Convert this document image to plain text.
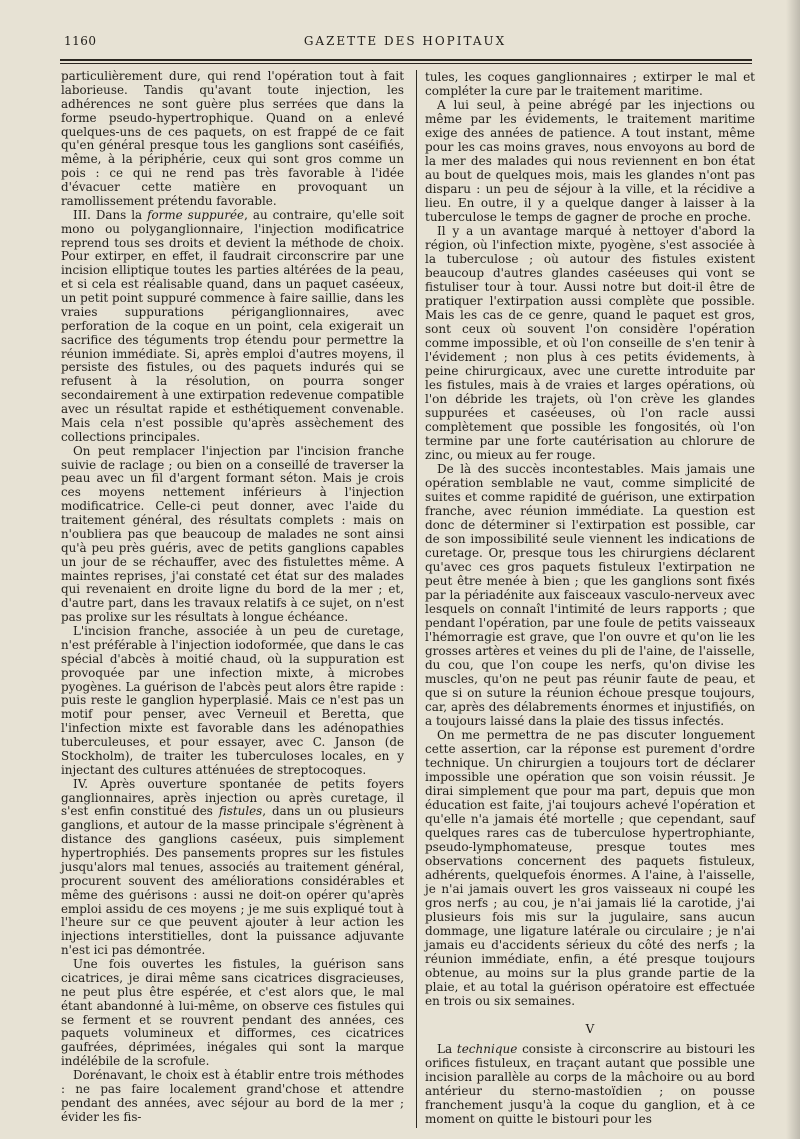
1160	GAZETTE DES HOPITAUX

particulièrement dure, qui rend l'opération tout à fait laborieuse. Tandis qu'avant toute injection, les adhérences ne sont guère plus serrées que dans la forme pseudo-hypertrophique. Quand on a enlevé quelques-uns de ces paquets, on est frappé de ce fait qu'en général presque tous les ganglions sont caséifiés, même, à la périphérie, ceux qui sont gros comme un pois : ce qui ne rend pas très favorable à l'idée d'évacuer cette matière en provoquant un ramollissement prétendu favorable.

III. Dans la forme suppurée, au contraire, qu'elle soit mono ou polyganglionnaire, l'injection modificatrice reprend tous ses droits et devient la méthode de choix. Pour extirper, en effet, il faudrait circonscrire par une incision elliptique toutes les parties altérées de la peau, et si cela est réalisable quand, dans un paquet caséeux, un petit point suppuré commence à faire saillie, dans les vraies suppurations périganglionnaires, avec perforation de la coque en un point, cela exigerait un sacrifice des téguments trop étendu pour permettre la réunion immédiate. Si, après emploi d'autres moyens, il persiste des fistules, ou des paquets indurés qui se refusent à la résolution, on pourra songer secondairement à une extirpation redevenue compatible avec un résultat rapide et esthétiquement convenable. Mais cela n'est possible qu'après assèchement des collections principales.

On peut remplacer l'injection par l'incision franche suivie de raclage ; ou bien on a conseillé de traverser la peau avec un fil d'argent formant séton. Mais je crois ces moyens nettement inférieurs à l'injection modificatrice. Celle-ci peut donner, avec l'aide du traitement général, des résultats complets : mais on n'oubliera pas que beaucoup de malades ne sont ainsi qu'à peu près guéris, avec de petits ganglions capables un jour de se réchauffer, avec des fistulettes même. A maintes reprises, j'ai constaté cet état sur des malades qui revenaient en droite ligne du bord de la mer ; et, d'autre part, dans les travaux relatifs à ce sujet, on n'est pas prolixe sur les résultats à longue échéance.

L'incision franche, associée à un peu de curetage, n'est préférable à l'injection iodoformée, que dans le cas spécial d'abcès à moitié chaud, où la suppuration est provoquée par une infection mixte, à microbes pyogènes. La guérison de l'abcès peut alors être rapide : puis reste le ganglion hyperplasié. Mais ce n'est pas un motif pour penser, avec Verneuil et Beretta, que l'infection mixte est favorable dans les adénopathies tuberculeuses, et pour essayer, avec C. Janson (de Stockholm), de traiter les tuberculoses locales, en y injectant des cultures atténuées de streptocoques.

IV. Après ouverture spontanée de petits foyers ganglionnaires, après injection ou après curetage, il s'est enfin constitué des fistules, dans un ou plusieurs ganglions, et autour de la masse principale s'égrènent à distance des ganglions caséeux, puis simplement hypertrophiés. Des pansements propres sur les fistules jusqu'alors mal tenues, associés au traitement général, procurent souvent des améliorations considérables et même des guérisons : aussi ne doit-on opérer qu'après emploi assidu de ces moyens ; je me suis expliqué tout à l'heure sur ce que peuvent ajouter à leur action les injections interstitielles, dont la puissance adjuvante n'est ici pas démontrée.

Une fois ouvertes les fistules, la guérison sans cicatrices, je dirai même sans cicatrices disgracieuses, ne peut plus être espérée, et c'est alors que, le mal étant abandonné à lui-même, on observe ces fistules qui se ferment et se rouvrent pendant des années, ces paquets volumineux et difformes, ces cicatrices gaufrées, déprimées, inégales qui sont la marque indélébile de la scrofule.

Dorénavant, le choix est à établir entre trois méthodes : ne pas faire localement grand'chose et attendre pendant des années, avec séjour au bord de la mer ; évider les fis-

tules, les coques ganglionnaires ; extirper le mal et compléter la cure par le traitement maritime.

A lui seul, à peine abrégé par les injections ou même par les évidements, le traitement maritime exige des années de patience. A tout instant, même pour les cas moins graves, nous envoyons au bord de la mer des malades qui nous reviennent en bon état au bout de quelques mois, mais les glandes n'ont pas disparu : un peu de séjour à la ville, et la récidive a lieu. En outre, il y a quelque danger à laisser à la tuberculose le temps de gagner de proche en proche.

Il y a un avantage marqué à nettoyer d'abord la région, où l'infection mixte, pyogène, s'est associée à la tuberculose ; où autour des fistules existent beaucoup d'autres glandes caséeuses qui vont se fistuliser tour à tour. Aussi notre but doit-il être de pratiquer l'extirpation aussi complète que possible. Mais les cas de ce genre, quand le paquet est gros, sont ceux où souvent l'on considère l'opération comme impossible, et où l'on conseille de s'en tenir à l'évidement ; non plus à ces petits évidements, à peine chirurgicaux, avec une curette introduite par les fistules, mais à de vraies et larges opérations, où l'on débride les trajets, où l'on crève les glandes suppurées et caséeuses, où l'on racle aussi complètement que possible les fongosités, où l'on termine par une forte cautérisation au chlorure de zinc, ou mieux au fer rouge.

De là des succès incontestables. Mais jamais une opération semblable ne vaut, comme simplicité de suites et comme rapidité de guérison, une extirpation franche, avec réunion immédiate. La question est donc de déterminer si l'extirpation est possible, car de son impossibilité seule viennent les indications de curetage. Or, presque tous les chirurgiens déclarent qu'avec ces gros paquets fistuleux l'extirpation ne peut être menée à bien ; que les ganglions sont fixés par la périadénite aux faisceaux vasculo-nerveux avec lesquels on connaît l'intimité de leurs rapports ; que pendant l'opération, par une foule de petits vaisseaux l'hémorragie est grave, que l'on ouvre et qu'on lie les grosses artères et veines du pli de l'aine, de l'aisselle, du cou, que l'on coupe les nerfs, qu'on divise les muscles, qu'on ne peut pas réunir faute de peau, et que si on suture la réunion échoue presque toujours, car, après des délabrements énormes et injustifiés, on a toujours laissé dans la plaie des tissus infectés.

On me permettra de ne pas discuter longuement cette assertion, car la réponse est purement d'ordre technique. Un chirurgien a toujours tort de déclarer impossible une opération que son voisin réussit. Je dirai simplement que pour ma part, depuis que mon éducation est faite, j'ai toujours achevé l'opération et qu'elle n'a jamais été mortelle ; que cependant, sauf quelques rares cas de tuberculose hypertrophiante, pseudo-lymphomateuse, presque toutes mes observations concernent des paquets fistuleux, adhérents, quelquefois énormes. A l'aine, à l'aisselle, je n'ai jamais ouvert les gros vaisseaux ni coupé les gros nerfs ; au cou, je n'ai jamais lié la carotide, j'ai plusieurs fois mis sur la jugulaire, sans aucun dommage, une ligature latérale ou circulaire ; je n'ai jamais eu d'accidents sérieux du côté des nerfs ; la réunion immédiate, enfin, a été presque toujours obtenue, au moins sur la plus grande partie de la plaie, et au total la guérison opératoire est effectuée en trois ou six semaines.

V

La technique consiste à circonscrire au bistouri les orifices fistuleux, en traçant autant que possible une incision parallèle au corps de la mâchoire ou au bord antérieur du sterno-mastoïdien ; on pousse franchement jusqu'à la coque du ganglion, et à ce moment on quitte le bistouri pour les
